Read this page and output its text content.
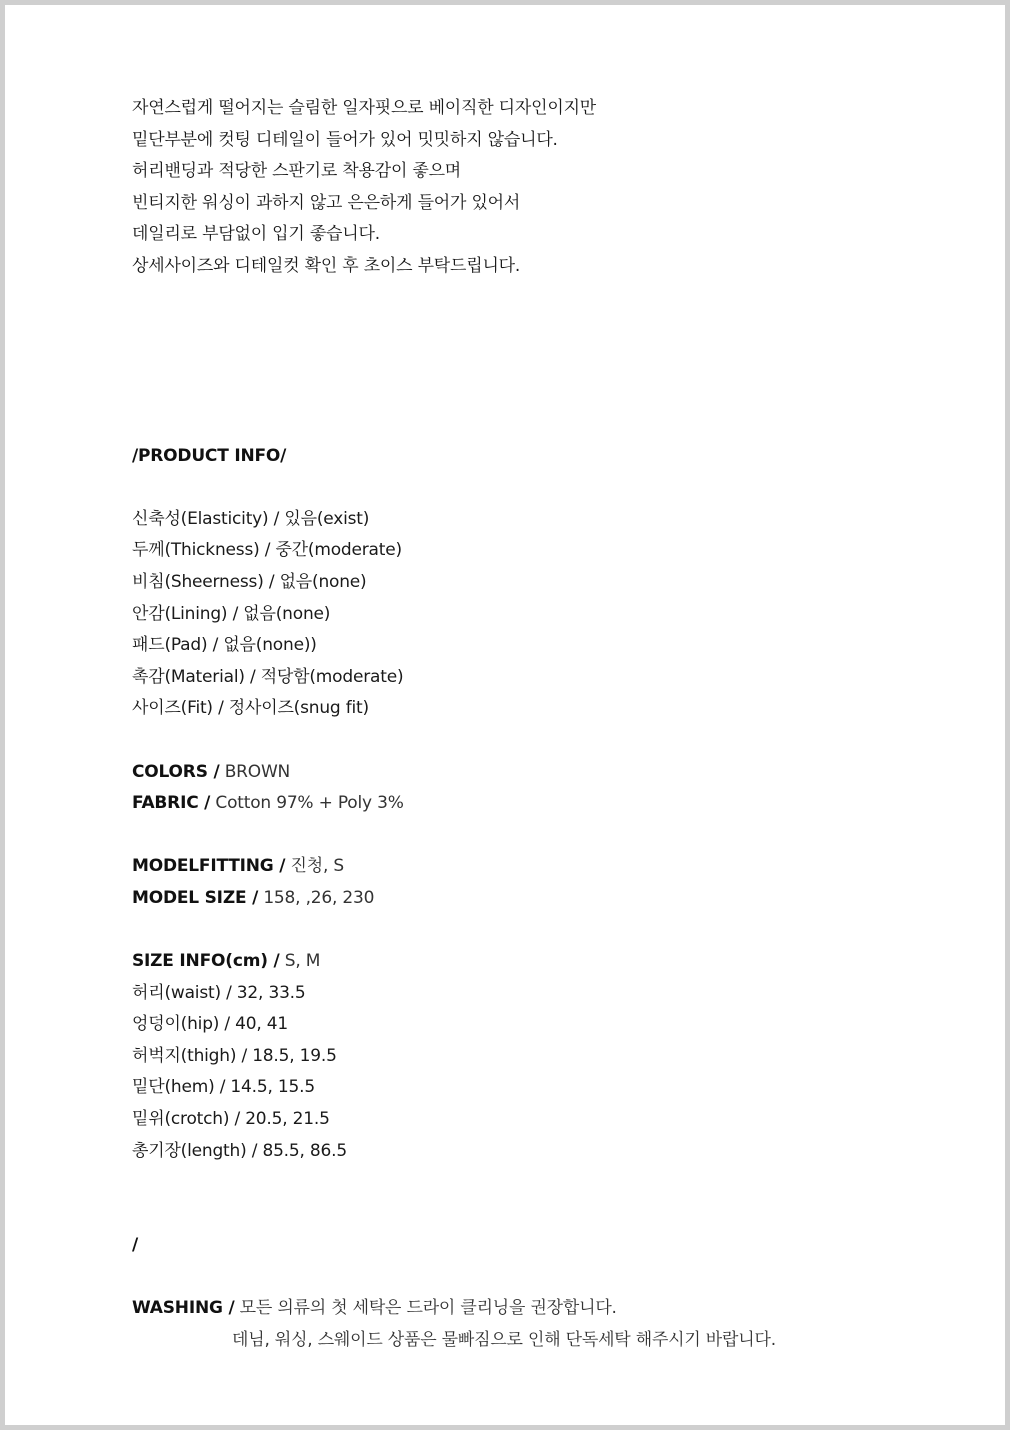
자연스럽게 떨어지는 슬림한 일자핏으로 베이직한 디자인이지만
밑단부분에 컷팅 디테일이 들어가 있어 밋밋하지 않습니다.
허리밴딩과 적당한 스판기로 착용감이 좋으며
빈티지한 워싱이 과하지 않고 은은하게 들어가 있어서
데일리로 부담없이 입기 좋습니다.
상세사이즈와 디테일컷 확인 후 초이스 부탁드립니다.
/PRODUCT INFO/
신축성(Elasticity) / 있음(exist)
두께(Thickness) / 중간(moderate)
비침(Sheerness) / 없음(none)
안감(Lining) / 없음(none)
패드(Pad) / 없음(none))
촉감(Material) / 적당함(moderate)
사이즈(Fit) / 정사이즈(snug fit)
COLORS / BROWN
FABRIC / Cotton 97% + Poly 3%
MODELFITTING / 진청, S
MODEL SIZE / 158, ,26, 230
SIZE INFO(cm) / S, M
허리(waist) / 32, 33.5
엉덩이(hip) / 40, 41
허벅지(thigh) / 18.5, 19.5
밑단(hem) / 14.5, 15.5
밑위(crotch) / 20.5, 21.5
총기장(length) / 85.5, 86.5
/
WASHING / 모든 의류의 첫 세탁은 드라이 클리닝을 권장합니다.
데님, 워싱, 스웨이드 상품은 물빠짐으로 인해 단독세탁 해주시기 바랍니다.
